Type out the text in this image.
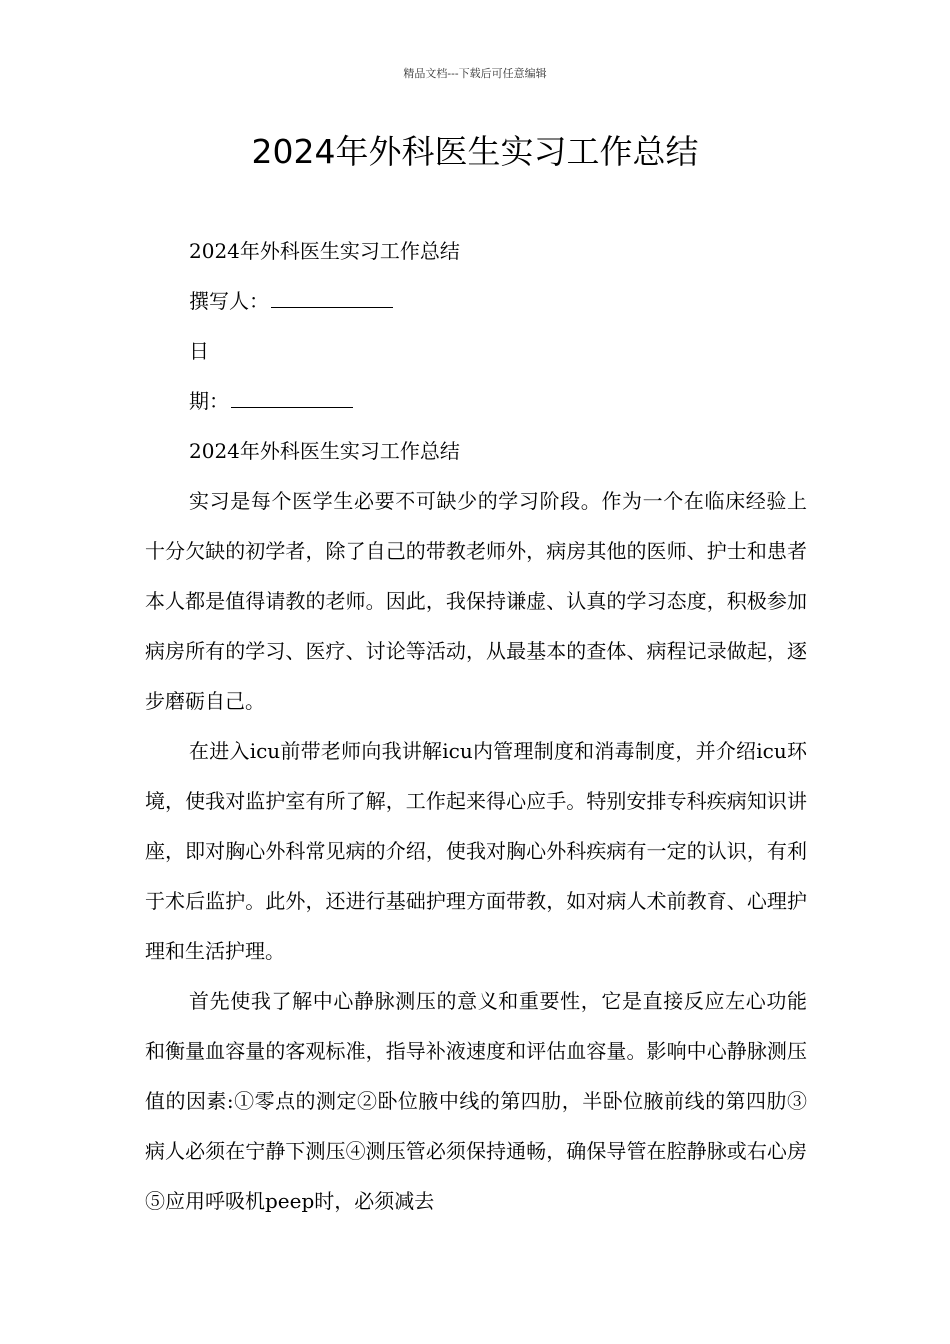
精品文档---下载后可任意编辑
2024年外科医生实习工作总结
2024年外科医生实习工作总结
撰写人：
日
期：
2024年外科医生实习工作总结

实习是每个医学生必要不可缺少的学习阶段。作为一个在临床经验上十分欠缺的初学者，除了自己的带教老师外，病房其他的医师、护士和患者本人都是值得请教的老师。因此，我保持谦虚、认真的学习态度，积极参加病房所有的学习、医疗、讨论等活动，从最基本的查体、病程记录做起，逐步磨砺自己。

在进入icu前带老师向我讲解icu内管理制度和消毒制度，并介绍icu环境，使我对监护室有所了解，工作起来得心应手。特别安排专科疾病知识讲座，即对胸心外科常见病的介绍，使我对胸心外科疾病有一定的认识，有利于术后监护。此外，还进行基础护理方面带教，如对病人术前教育、心理护理和生活护理。

首先使我了解中心静脉测压的意义和重要性，它是直接反应左心功能和衡量血容量的客观标准，指导补液速度和评估血容量。影响中心静脉测压值的因素:①零点的测定②卧位腋中线的第四肋，半卧位腋前线的第四肋③病人必须在宁静下测压④测压管必须保持通畅，确保导管在腔静脉或右心房⑤应用呼吸机peep时，必须减去
